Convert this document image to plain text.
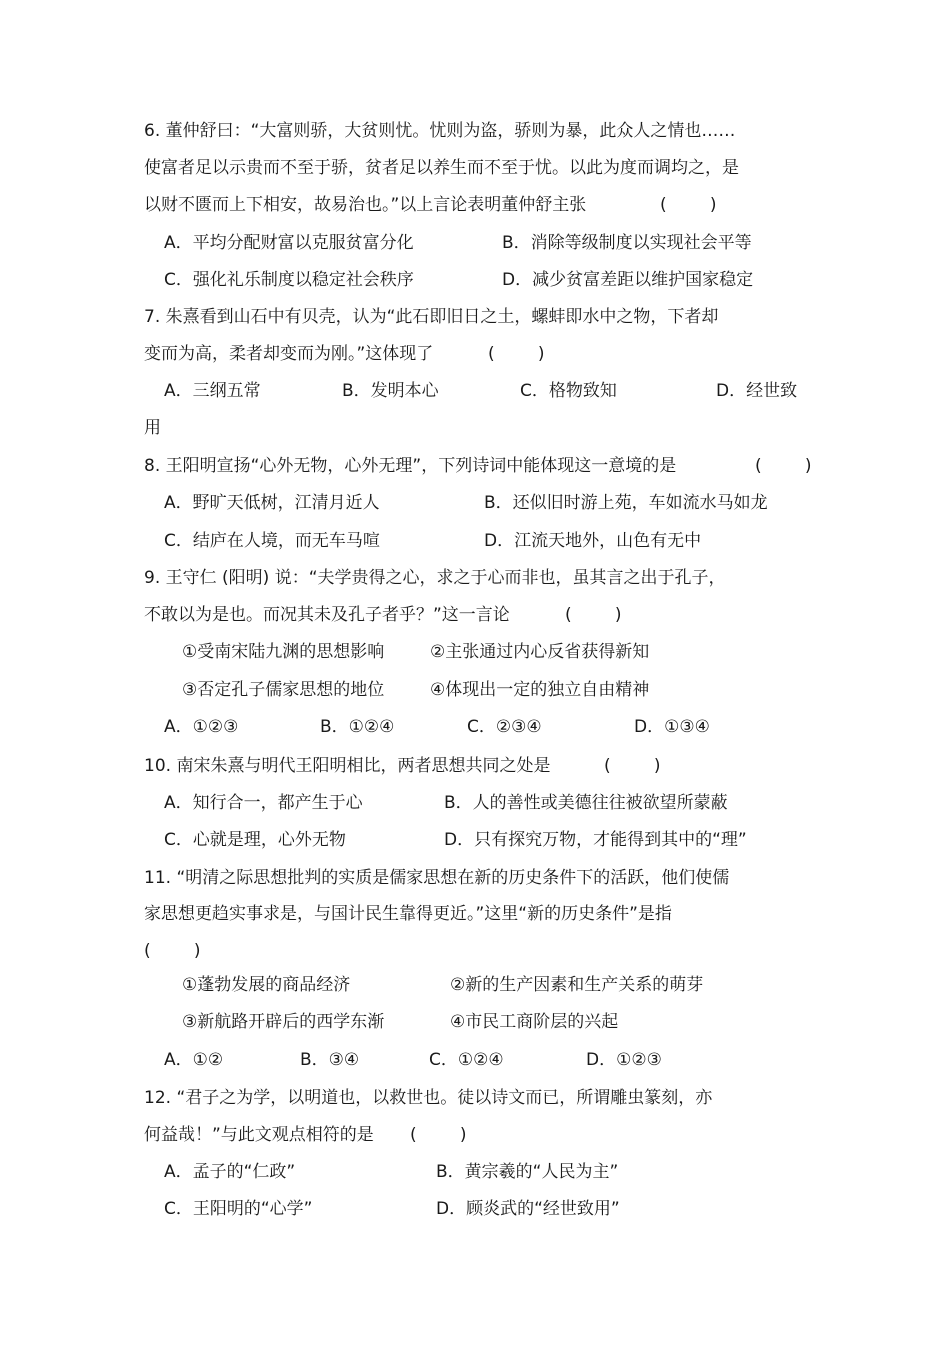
6. 董仲舒曰：“大富则骄，大贫则忧。忧则为盗，骄则为暴，此众人之情也……
使富者足以示贵而不至于骄，贫者足以养生而不至于忧。以此为度而调均之，是
以财不匮而上下相安，故易治也。”以上言论表明董仲舒主张	(        )
A．平均分配财富以克服贫富分化	B．消除等级制度以实现社会平等
C．强化礼乐制度以稳定社会秩序	D．减少贫富差距以维护国家稳定
7. 朱熹看到山石中有贝壳，认为“此石即旧日之土，螺蚌即水中之物，下者却
变而为高，柔者却变而为刚。”这体现了	(        )
A．三纲五常	B．发明本心	C．格物致知	D．经世致
用
8. 王阳明宣扬“心外无物，心外无理”，下列诗词中能体现这一意境的是	(        )
A．野旷天低树，江清月近人	B．还似旧时游上苑，车如流水马如龙
C．结庐在人境，而无车马喧	D．江流天地外，山色有无中
9. 王守仁 (阳明) 说：“夫学贵得之心，求之于心而非也，虽其言之出于孔子，
不敢以为是也。而况其未及孔子者乎？”这一言论	(        )
①受南宋陆九渊的思想影响	②主张通过内心反省获得新知
③否定孔子儒家思想的地位	④体现出一定的独立自由精神
A．①②③	B．①②④	C．②③④	D．①③④
10. 南宋朱熹与明代王阳明相比，两者思想共同之处是	(        )
A．知行合一，都产生于心	B．人的善性或美德往往被欲望所蒙蔽
C．心就是理，心外无物	D．只有探究万物，才能得到其中的“理”
11. “明清之际思想批判的实质是儒家思想在新的历史条件下的活跃，他们使儒
家思想更趋实事求是，与国计民生靠得更近。”这里“新的历史条件”是指
(        )
①蓬勃发展的商品经济	②新的生产因素和生产关系的萌芽
③新航路开辟后的西学东渐	④市民工商阶层的兴起
A．①②	B．③④	C．①②④	D．①②③
12. “君子之为学，以明道也，以救世也。徒以诗文而已，所谓雕虫篆刻，亦
何益哉！”与此文观点相符的是 (        )
A．孟子的“仁政”	B．黄宗羲的“人民为主”
C．王阳明的“心学”	D．顾炎武的“经世致用”
